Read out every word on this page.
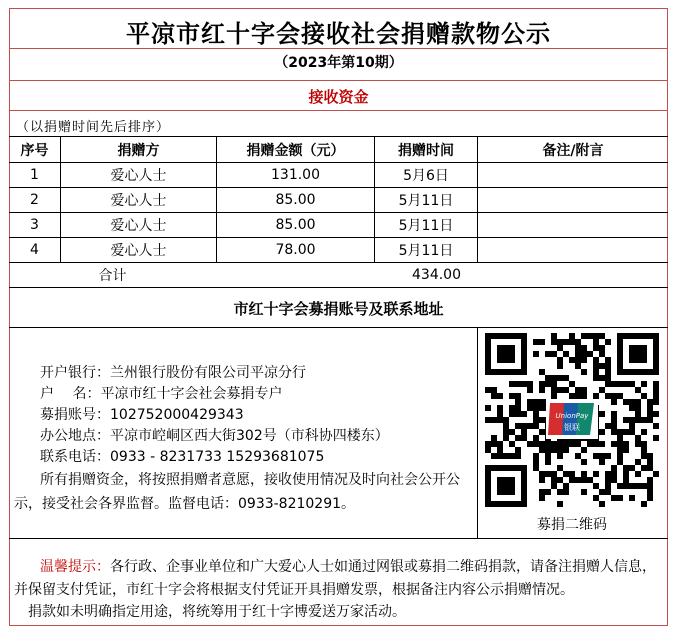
平凉市红十字会接收社会捐赠款物公示
（2023年第10期）
接收资金
（以捐赠时间先后排序）
序号	捐赠方	捐赠金额（元）	捐赠时间	备注/附言
1	爱心人士	131.00	5月6日
2	爱心人士	85.00	5月11日
3	爱心人士	85.00	5月11日
4	爱心人士	78.00	5月11日
合计	434.00
市红十字会募捐账号及联系地址
开户银行：兰州银行股份有限公司平凉分行
户　 名：平凉市红十字会社会募捐专户
募捐账号：102752000429343
办公地点：平凉市崆峒区西大街302号（市科协四楼东）
联系电话：0933 - 8231733 15293681075
所有捐赠资金，将按照捐赠者意愿，接收使用情况及时向社会公开公示，接受社会各界监督。监督电话：0933-8210291。
UnionPay
银联
募捐二维码
温馨提示：各行政、企事业单位和广大爱心人士如通过网银或募捐二维码捐款，请备注捐赠人信息，并保留支付凭证，市红十字会将根据支付凭证开具捐赠发票，根据备注内容公示捐赠情况。
捐款如未明确指定用途，将统筹用于红十字博爱送万家活动。
